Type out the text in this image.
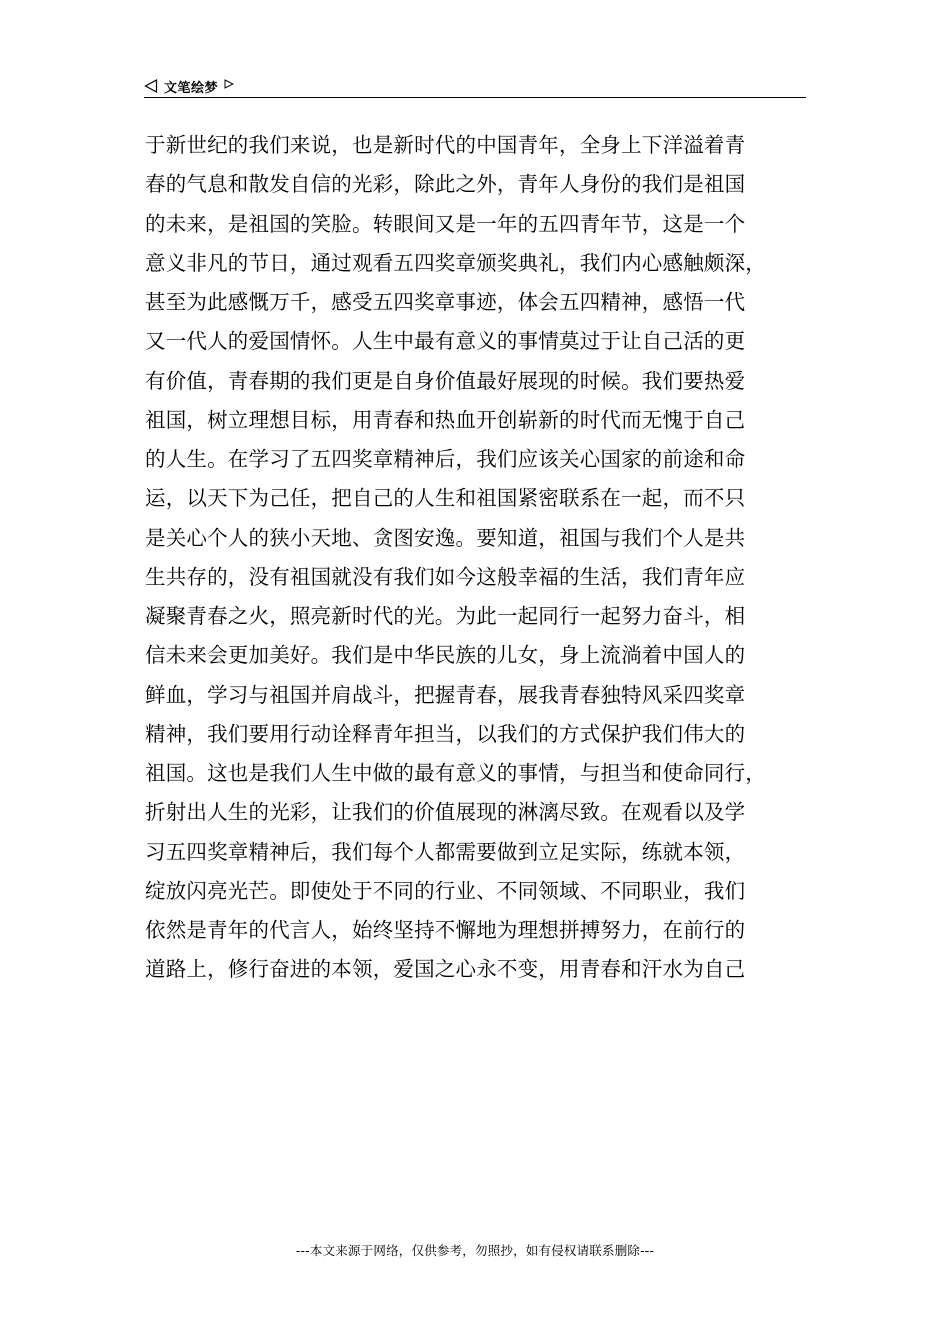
文笔绘梦
于新世纪的我们来说，也是新时代的中国青年，全身上下洋溢着青
春的气息和散发自信的光彩，除此之外，青年人身份的我们是祖国
的未来，是祖国的笑脸。转眼间又是一年的五四青年节，这是一个
意义非凡的节日，通过观看五四奖章颁奖典礼，我们内心感触颇深，
甚至为此感慨万千，感受五四奖章事迹，体会五四精神，感悟一代
又一代人的爱国情怀。人生中最有意义的事情莫过于让自己活的更
有价值，青春期的我们更是自身价值最好展现的时候。我们要热爱
祖国，树立理想目标，用青春和热血开创崭新的时代而无愧于自己
的人生。在学习了五四奖章精神后，我们应该关心国家的前途和命
运，以天下为己任，把自己的人生和祖国紧密联系在一起，而不只
是关心个人的狭小天地、贪图安逸。要知道，祖国与我们个人是共
生共存的，没有祖国就没有我们如今这般幸福的生活，我们青年应
凝聚青春之火，照亮新时代的光。为此一起同行一起努力奋斗，相
信未来会更加美好。我们是中华民族的儿女，身上流淌着中国人的
鲜血，学习与祖国并肩战斗，把握青春，展我青春独特风采四奖章
精神，我们要用行动诠释青年担当，以我们的方式保护我们伟大的
祖国。这也是我们人生中做的最有意义的事情，与担当和使命同行，
折射出人生的光彩，让我们的价值展现的淋漓尽致。在观看以及学
习五四奖章精神后，我们每个人都需要做到立足实际，练就本领，
绽放闪亮光芒。即使处于不同的行业、不同领域、不同职业，我们
依然是青年的代言人，始终坚持不懈地为理想拼搏努力，在前行的
道路上，修行奋进的本领，爱国之心永不变，用青春和汗水为自己
---本文来源于网络，仅供参考，勿照抄，如有侵权请联系删除---
